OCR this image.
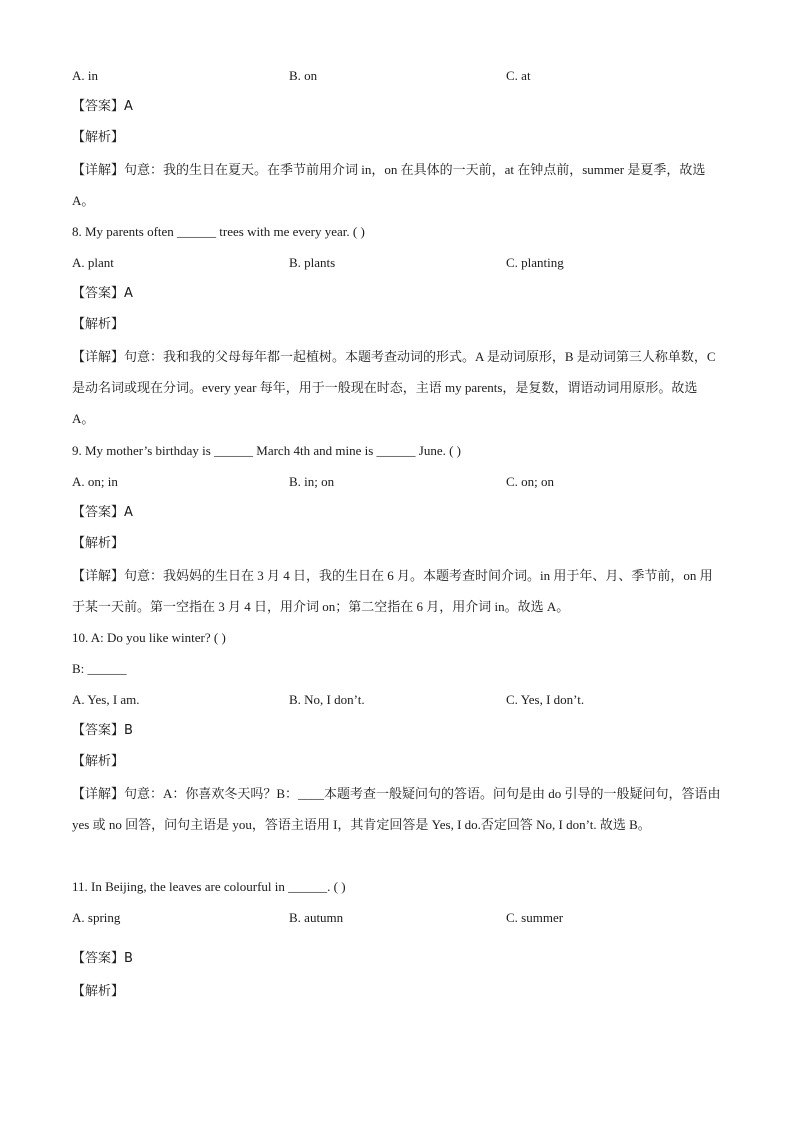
A. in	B. on	C. at
【答案】A
【解析】
【详解】句意：我的生日在夏天。在季节前用介词 in，on 在具体的一天前，at 在钟点前，summer 是夏季，故选 A。
8. My parents often ______ trees with me every year. ( )
A. plant	B. plants	C. planting
【答案】A
【解析】
【详解】句意：我和我的父母每年都一起植树。本题考查动词的形式。A 是动词原形，B 是动词第三人称单数，C 是动名词或现在分词。every year 每年，用于一般现在时态，主语 my parents，是复数，谓语动词用原形。故选 A。
9. My mother’s birthday is ______ March 4th and mine is ______ June. ( )
A. on; in	B. in; on	C. on; on
【答案】A
【解析】
【详解】句意：我妈妈的生日在 3 月 4 日，我的生日在 6 月。本题考查时间介词。in 用于年、月、季节前，on 用于某一天前。第一空指在 3 月 4 日，用介词 on；第二空指在 6 月，用介词 in。故选 A。
10. A: Do you like winter? ( )
B: ______
A. Yes, I am.	B. No, I don’t.	C. Yes, I don’t.
【答案】B
【解析】
【详解】句意：A：你喜欢冬天吗？B：____本题考查一般疑问句的答语。问句是由 do 引导的一般疑问句，答语由 yes 或 no 回答，问句主语是 you，答语主语用 I，其肯定回答是 Yes, I do.否定回答 No, I don’t. 故选 B。
11. In Beijing, the leaves are colourful in ______. ( )
A. spring	B. autumn	C. summer
【答案】B
【解析】
